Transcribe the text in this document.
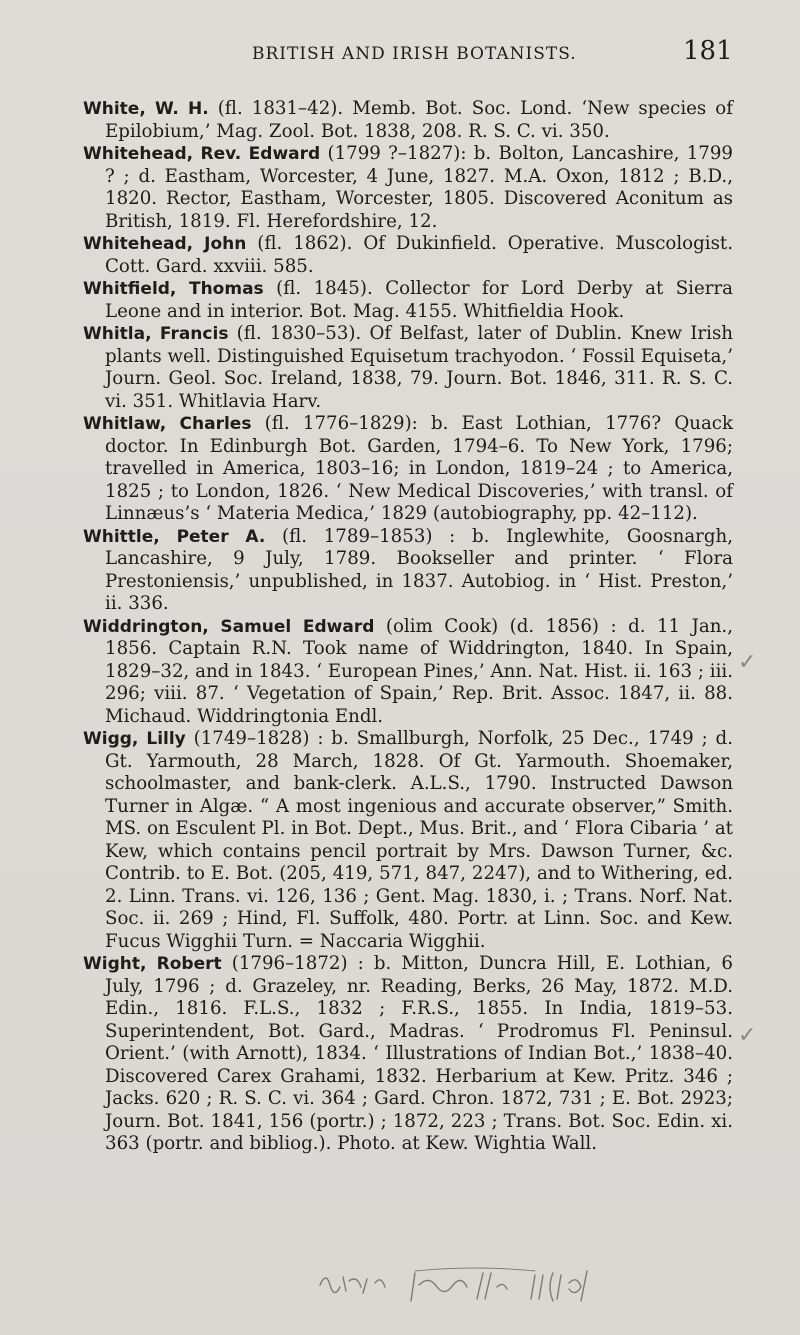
BRITISH AND IRISH BOTANISTS.	181

White, W. H. (fl. 1831–42). Memb. Bot. Soc. Lond. ‘New species of Epilobium,’ Mag. Zool. Bot. 1838, 208. R. S. C. vi. 350.

Whitehead, Rev. Edward (1799 ?–1827): b. Bolton, Lancashire, 1799 ? ; d. Eastham, Worcester, 4 June, 1827. M.A. Oxon, 1812 ; B.D., 1820. Rector, Eastham, Worcester, 1805. Discovered Aconitum as British, 1819. Fl. Herefordshire, 12.

Whitehead, John (fl. 1862). Of Dukinfield. Operative. Muscologist. Cott. Gard. xxviii. 585.

Whitfield, Thomas (fl. 1845). Collector for Lord Derby at Sierra Leone and in interior. Bot. Mag. 4155. Whitfieldia Hook.

Whitla, Francis (fl. 1830–53). Of Belfast, later of Dublin. Knew Irish plants well. Distinguished Equisetum trachyodon. ‘ Fossil Equiseta,’ Journ. Geol. Soc. Ireland, 1838, 79. Journ. Bot. 1846, 311. R. S. C. vi. 351. Whitlavia Harv.

Whitlaw, Charles (fl. 1776–1829): b. East Lothian, 1776? Quack doctor. In Edinburgh Bot. Garden, 1794–6. To New York, 1796; travelled in America, 1803–16; in London, 1819–24 ; to America, 1825 ; to London, 1826. ‘ New Medical Discoveries,’ with transl. of Linnæus’s ‘ Materia Medica,’ 1829 (autobiography, pp. 42–112).

Whittle, Peter A. (fl. 1789–1853) : b. Inglewhite, Goosnargh, Lancashire, 9 July, 1789. Bookseller and printer. ‘ Flora Prestoniensis,’ unpublished, in 1837. Autobiog. in ‘ Hist. Preston,’ ii. 336.

Widdrington, Samuel Edward (olim Cook) (d. 1856) : d. 11 Jan., 1856. Captain R.N. Took name of Widdrington, 1840. In Spain, 1829–32, and in 1843. ‘ European Pines,’ Ann. Nat. Hist. ii. 163 ; iii. 296; viii. 87. ‘ Vegetation of Spain,’ Rep. Brit. Assoc. 1847, ii. 88. Michaud. Widdringtonia Endl.

Wigg, Lilly (1749–1828) : b. Smallburgh, Norfolk, 25 Dec., 1749 ; d. Gt. Yarmouth, 28 March, 1828. Of Gt. Yarmouth. Shoemaker, schoolmaster, and bank-clerk. A.L.S., 1790. Instructed Dawson Turner in Algæ. “ A most ingenious and accurate observer,” Smith. MS. on Esculent Pl. in Bot. Dept., Mus. Brit., and ‘ Flora Cibaria ’ at Kew, which contains pencil portrait by Mrs. Dawson Turner, &c. Contrib. to E. Bot. (205, 419, 571, 847, 2247), and to Withering, ed. 2. Linn. Trans. vi. 126, 136 ; Gent. Mag. 1830, i. ; Trans. Norf. Nat. Soc. ii. 269 ; Hind, Fl. Suffolk, 480. Portr. at Linn. Soc. and Kew. Fucus Wigghii Turn. = Naccaria Wigghii.

Wight, Robert (1796–1872) : b. Mitton, Duncra Hill, E. Lothian, 6 July, 1796 ; d. Grazeley, nr. Reading, Berks, 26 May, 1872. M.D. Edin., 1816. F.L.S., 1832 ; F.R.S., 1855. In India, 1819–53. Superintendent, Bot. Gard., Madras. ‘ Prodromus Fl. Peninsul. Orient.’ (with Arnott), 1834. ‘ Illustrations of Indian Bot.,’ 1838–40. Discovered Carex Grahami, 1832. Herbarium at Kew. Pritz. 346 ; Jacks. 620 ; R. S. C. vi. 364 ; Gard. Chron. 1872, 731 ; E. Bot. 2923; Journ. Bot. 1841, 156 (portr.) ; 1872, 223 ; Trans. Bot. Soc. Edin. xi. 363 (portr. and bibliog.). Photo. at Kew. Wightia Wall.

✓
✓
